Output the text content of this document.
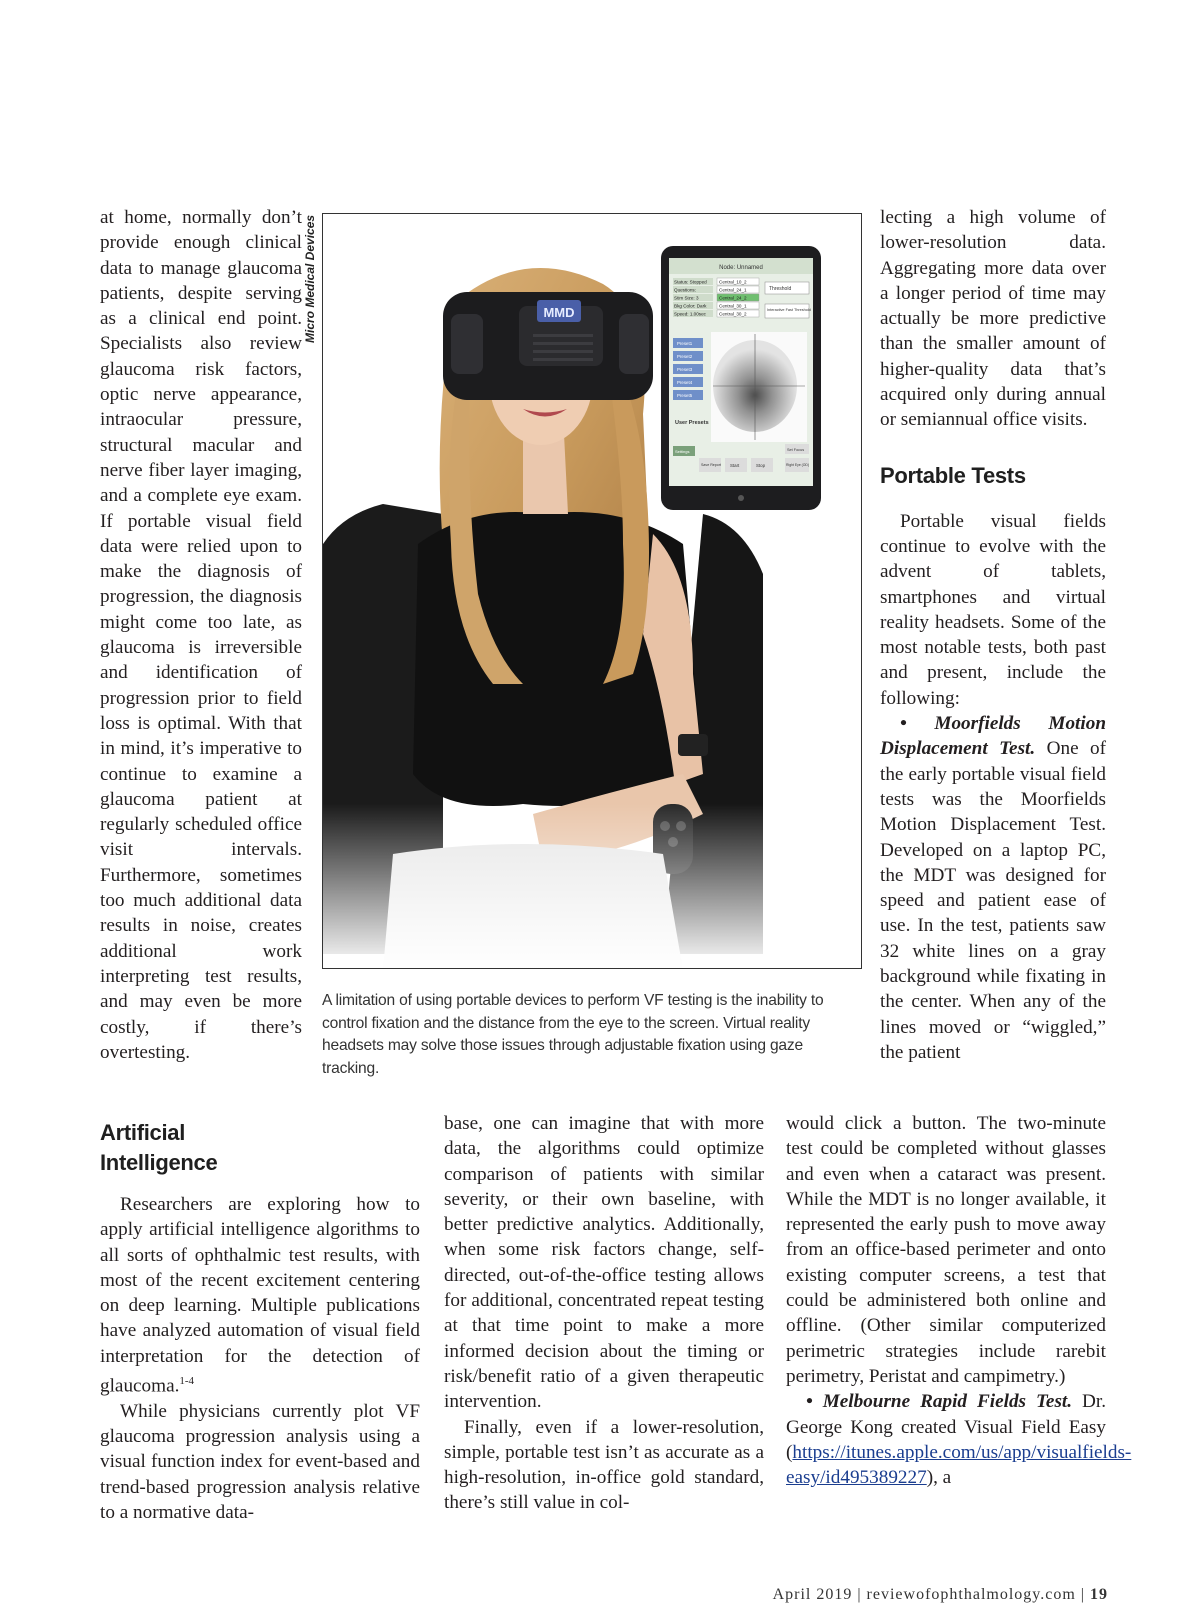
at home, normally don’t provide enough clinical data to manage glaucoma patients, despite serving as a clinical end point. Specialists also review glaucoma risk factors, optic nerve appearance, intraocular pressure, structural macular and nerve fiber layer imaging, and a complete eye exam. If portable visual field data were relied upon to make the diagnosis of progression, the diagnosis might come too late, as glaucoma is irreversible and identification of progression prior to field loss is optimal. With that in mind, it’s imperative to continue to examine a glaucoma patient at regularly scheduled office visit intervals. Furthermore, sometimes too much additional data results in noise, creates additional work interpreting test results, and may even be more costly, if there’s overtesting.

Micro Medical Devices
A limitation of using portable devices to perform VF testing is the inability to control fixation and the distance from the eye to the screen. Virtual reality headsets may solve those issues through adjustable fixation using gaze tracking.

lecting a high volume of lower-resolution data. Aggregating more data over a longer period of time may actually be more predictive than the smaller amount of higher-quality data that’s acquired only during annual or semiannual office visits.

Portable Tests

Portable visual fields continue to evolve with the advent of tablets, smartphones and virtual reality headsets. Some of the most notable tests, both past and present, include the following:

• Moorfields Motion Displacement Test. One of the early portable visual field tests was the Moorfields Motion Displacement Test. Developed on a laptop PC, the MDT was designed for speed and patient ease of use. In the test, patients saw 32 white lines on a gray background while fixating in the center. When any of the lines moved or “wiggled,” the patient

Artificial
Intelligence

Researchers are exploring how to apply artificial intelligence algorithms to all sorts of ophthalmic test results, with most of the recent excitement centering on deep learning. Multiple publications have analyzed automation of visual field interpretation for the detection of glaucoma.$^{1-4}$

While physicians currently plot VF glaucoma progression analysis using a visual function index for event-based and trend-based progression analysis relative to a normative data-

base, one can imagine that with more data, the algorithms could optimize comparison of patients with similar severity, or their own baseline, with better predictive analytics. Additionally, when some risk factors change, self-directed, out-of-the-office testing allows for additional, concentrated repeat testing at that time point to make a more informed decision about the timing or risk/benefit ratio of a given therapeutic intervention.

Finally, even if a lower-resolution, simple, portable test isn’t as accurate as a high-resolution, in-office gold standard, there’s still value in col-

would click a button. The two-minute test could be completed without glasses and even when a cataract was present. While the MDT is no longer available, it represented the early push to move away from an office-based perimeter and onto existing computer screens, a test that could be administered both online and offline. (Other similar computerized perimetric strategies include rarebit perimetry, Peristat and campimetry.)

• Melbourne Rapid Fields Test. Dr. George Kong created Visual Field Easy (https://itunes.apple.com/us/app/visualfields-easy/id495389227), a

April 2019 | reviewofophthalmology.com | 19
